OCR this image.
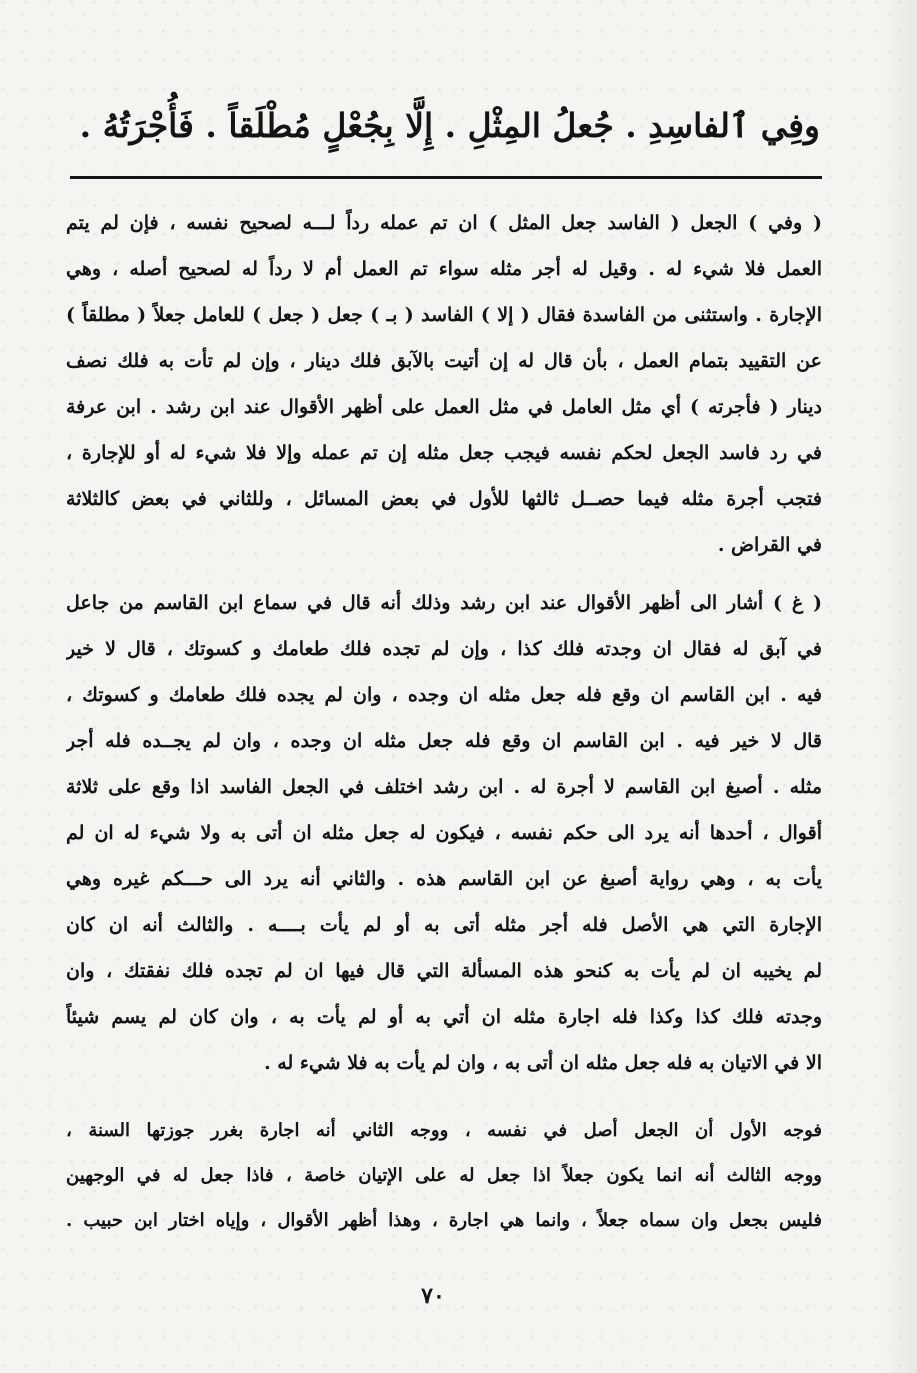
وفِي ٱلفاسِدِ . جُعلُ المِثْلِ . إِلَّا بِجُعْلٍ مُطْلَقاً . فَأُجْرَتُهُ .
( وفي ) الجعل ( الفاسد جعل المثل ) ان تم عمله رداً لـــه لصحيح نفسه ، فإن لم يتم
العمل فلا شيء له . وقيل له أجر مثله سواء تم العمل أم لا رداً له لصحيح أصله ، وهي
الإجارة . واستثنى من الفاسدة فقال ( إلا ) الفاسد ( بـ ) جعل ( جعل ) للعامل جعلاً ( مطلقاً )
عن التقييد بتمام العمل ، بأن قال له إن أتيت بالآبق فلك دينار ، وإن لم تأت به فلك نصف
دينار ( فأجرته ) أي مثل العامل في مثل العمل على أظهر الأقوال عند ابن رشد . ابن عرفة
في رد فاسد الجعل لحكم نفسه فيجب جعل مثله إن تم عمله وإلا فلا شيء له أو للإجارة ،
فتجب أجرة مثله فيما حصــل ثالثها للأول في بعض المسائل ، وللثاني في بعض كالثلاثة
في القراض .
( غ ) أشار الى أظهر الأقوال عند ابن رشد وذلك أنه قال في سماع ابن القاسم من جاعل
في آبق له فقال ان وجدته فلك كذا ، وإن لم تجده فلك طعامك و كسوتك ، قال لا خير
فيه . ابن القاسم ان وقع فله جعل مثله ان وجده ، وان لم يجده فلك طعامك و كسوتك ،
قال لا خير فيه . ابن القاسم ان وقع فله جعل مثله ان وجده ، وان لم يجــده فله أجر
مثله . أصبغ ابن القاسم لا أجرة له . ابن رشد اختلف في الجعل الفاسد اذا وقع على ثلاثة
أقوال ، أحدها أنه يرد الى حكم نفسه ، فيكون له جعل مثله ان أتى به ولا شيء له ان لم
يأت به ، وهي رواية أصبغ عن ابن القاسم هذه . والثاني أنه يرد الى حـــكم غيره وهي
الإجارة التي هي الأصل فله أجر مثله أتى به أو لم يأت بــــه . والثالث أنه ان كان
لم يخيبه ان لم يأت به كنحو هذه المسألة التي قال فيها ان لم تجده فلك نفقتك ، وان
وجدته فلك كذا وكذا فله اجارة مثله ان أتي به أو لم يأت به ، وان كان لم يسم شيئاً
الا في الاتيان به فله جعل مثله ان أتى به ، وان لم يأت به فلا شيء له .
فوجه الأول أن الجعل أصل في نفسه ، ووجه الثاني أنه اجارة بغرر جوزتها السنة ،
ووجه الثالث أنه انما يكون جعلاً اذا جعل له على الإتيان خاصة ، فاذا جعل له في الوجهين
فليس بجعل وان سماه جعلاً ، وانما هي اجارة ، وهذا أظهر الأقوال ، وإياه اختار ابن حبيب .
٧٠
